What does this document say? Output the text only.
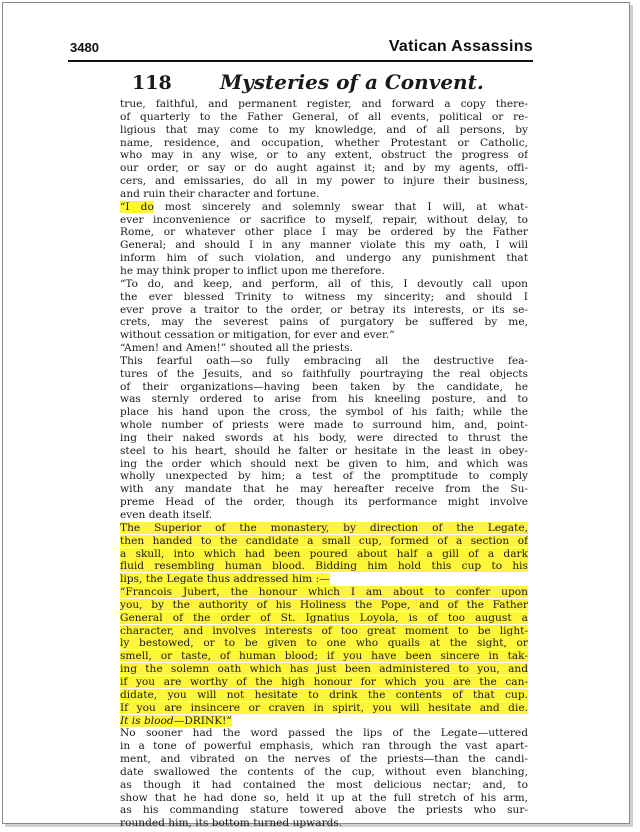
3480	Vatican Assassins
118 Mysteries of a Convent.
true, faithful, and permanent register, and forward a copy there-
of quarterly to the Father General, of all events, political or re-
ligious that may come to my knowledge, and of all persons, by
name, residence, and occupation, whether Protestant or Catholic,
who may in any wise, or to any extent, obstruct the progress of
our order, or say or do aught against it; and by my agents, offi-
cers, and emissaries, do all in my power to injure their business,
and ruin their character and fortune.
“I do most sincerely and solemnly swear that I will, at what-
ever inconvenience or sacrifice to myself, repair, without delay, to
Rome, or whatever other place I may be ordered by the Father
General; and should I in any manner violate this my oath, I will
inform him of such violation, and undergo any punishment that
he may think proper to inflict upon me therefore.
“To do, and keep, and perform, all of this, I devoutly call upon
the ever blessed Trinity to witness my sincerity; and should I
ever prove a traitor to the order, or betray its interests, or its se-
crets, may the severest pains of purgatory be suffered by me,
without cessation or mitigation, for ever and ever.”
“Amen! and Amen!” shouted all the priests.
This fearful oath—so fully embracing all the destructive fea-
tures of the Jesuits, and so faithfully pourtraying the real objects
of their organizations—having been taken by the candidate, he
was sternly ordered to arise from his kneeling posture, and to
place his hand upon the cross, the symbol of his faith; while the
whole number of priests were made to surround him, and, point-
ing their naked swords at his body, were directed to thrust the
steel to his heart, should he falter or hesitate in the least in obey-
ing the order which should next be given to him, and which was
wholly unexpected by him; a test of the promptitude to comply
with any mandate that he may hereafter receive from the Su-
preme Head of the order, though its performance might involve
even death itself.
The Superior of the monastery, by direction of the Legate,
then handed to the candidate a small cup, formed of a section of
a skull, into which had been poured about half a gill of a dark
fluid resembling human blood. Bidding him hold this cup to his
lips, the Legate thus addressed him :—
“Francois Jubert, the honour which I am about to confer upon
you, by the authority of his Holiness the Pope, and of the Father
General of the order of St. Ignatius Loyola, is of too august a
character, and involves interests of too great moment to be light-
ly bestowed, or to be given to one who quails at the sight, or
smell, or taste, of human blood; if you have been sincere in tak-
ing the solemn oath which has just been administered to you, and
if you are worthy of the high honour for which you are the can-
didate, you will not hesitate to drink the contents of that cup.
If you are insincere or craven in spirit, you will hesitate and die.
It is blood—DRINK!”
No sooner had the word passed the lips of the Legate—uttered
in a tone of powerful emphasis, which ran through the vast apart-
ment, and vibrated on the nerves of the priests—than the candi-
date swallowed the contents of the cup, without even blanching,
as though it had contained the most delicious nectar; and, to
show that he had done so, held it up at the full stretch of his arm,
as his commanding stature towered above the priests who sur-
rounded him, its bottom turned upwards.
